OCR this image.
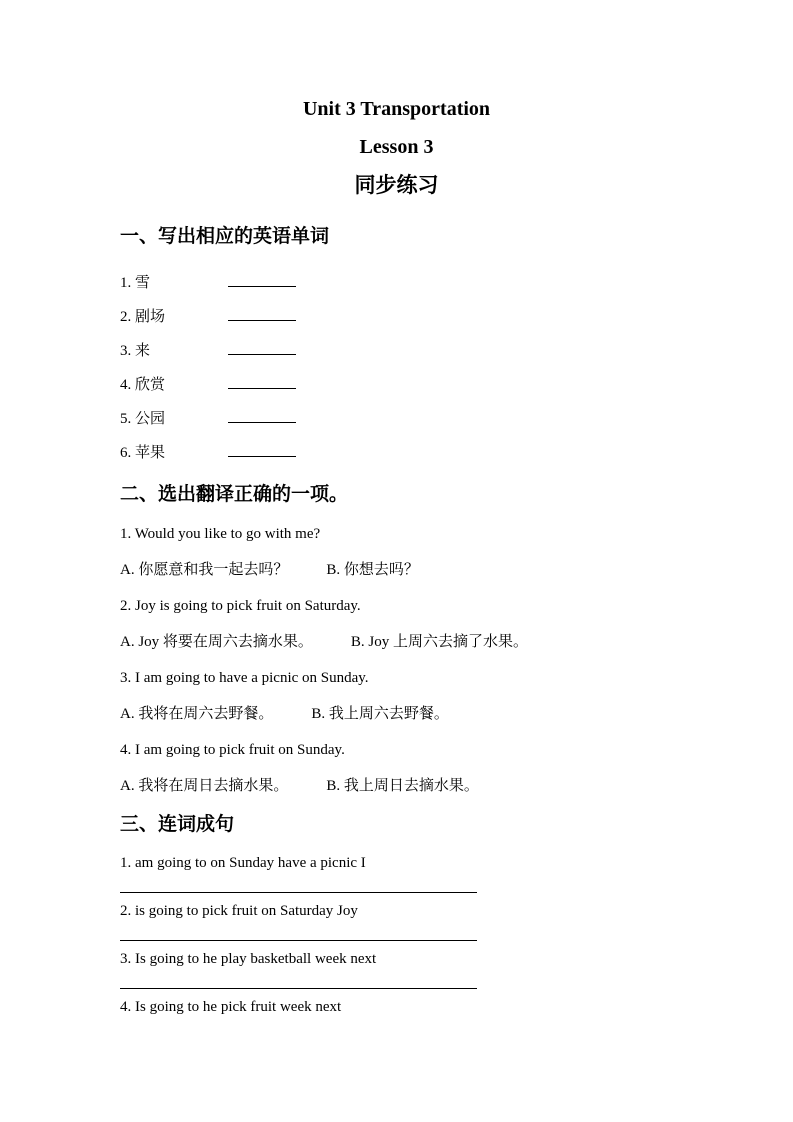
Unit 3 Transportation
Lesson 3
同步练习
一、写出相应的英语单词
1. 雪
2. 剧场
3. 来
4. 欣赏
5. 公园
6. 苹果
二、选出翻译正确的一项。

1. Would you like to go with me?

A. 你愿意和我一起去吗？	B. 你想去吗？

2. Joy is going to pick fruit on Saturday.

A. Joy 将要在周六去摘水果。	B. Joy 上周六去摘了水果。

3. I am going to have a picnic on Sunday.

A. 我将在周六去野餐。	B. 我上周六去野餐。

4. I am going to pick fruit on Sunday.

A. 我将在周日去摘水果。	B. 我上周日去摘水果。

三、连词成句

1. am going to on Sunday have a picnic I

2. is going to pick fruit on Saturday Joy

3. Is going to he play basketball week next

4. Is going to he pick fruit week next
